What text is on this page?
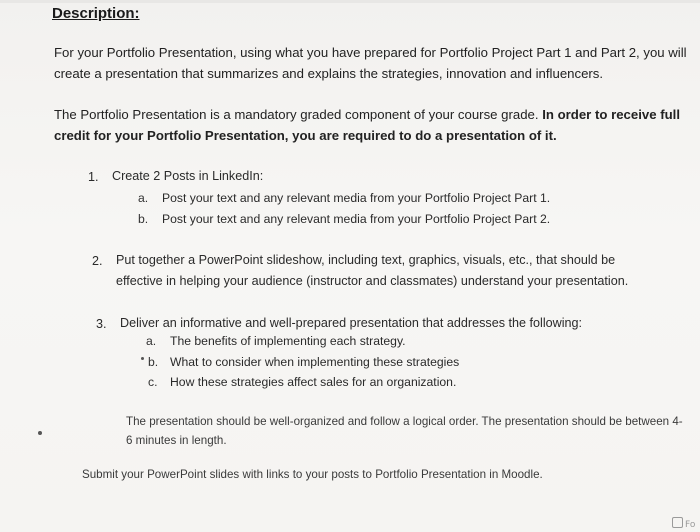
Description:
For your Portfolio Presentation, using what you have prepared for Portfolio Project Part 1 and Part 2, you will create a presentation that summarizes and explains the strategies, innovation and influencers.
The Portfolio Presentation is a mandatory graded component of your course grade. In order to receive full credit for your Portfolio Presentation, you are required to do a presentation of it.
1. Create 2 Posts in LinkedIn:
a. Post your text and any relevant media from your Portfolio Project Part 1.
b. Post your text and any relevant media from your Portfolio Project Part 2.
2. Put together a PowerPoint slideshow, including text, graphics, visuals, etc., that should be
effective in helping your audience (instructor and classmates) understand your presentation.
3. Deliver an informative and well-prepared presentation that addresses the following:
a. The benefits of implementing each strategy.
b. What to consider when implementing these strategies
c. How these strategies affect sales for an organization.
The presentation should be well-organized and follow a logical order. The presentation should be between 4-6 minutes in length.
Submit your PowerPoint slides with links to your posts to Portfolio Presentation in Moodle.
Fo
